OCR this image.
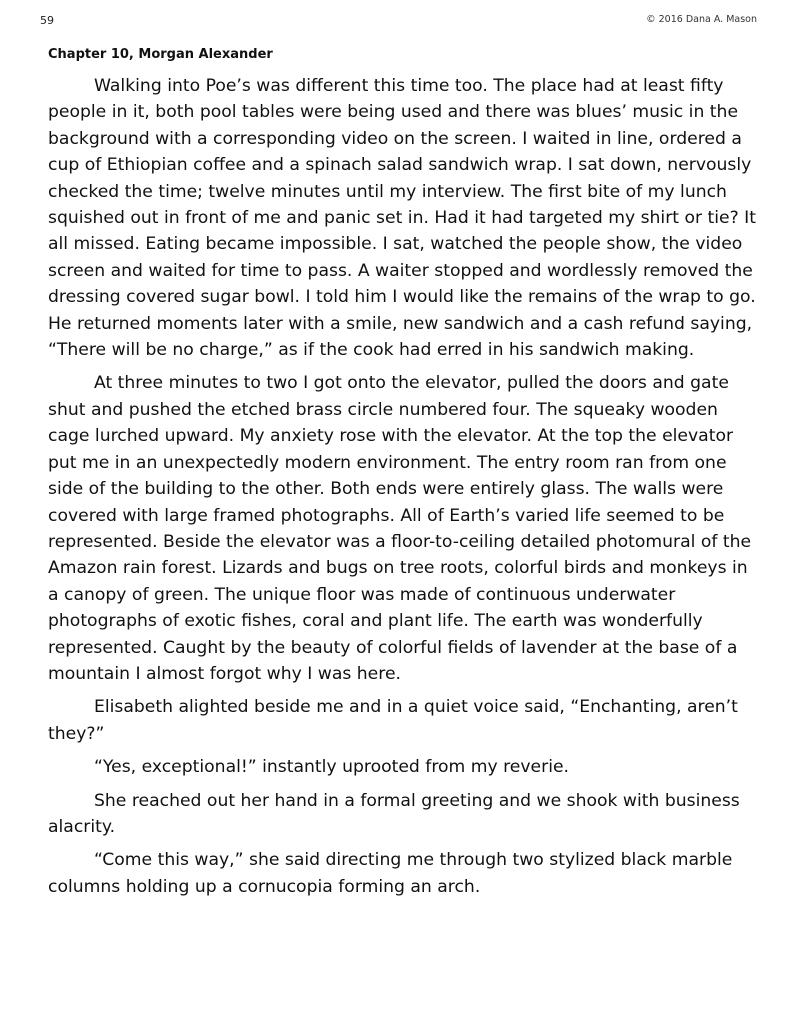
59	© 2016 Dana A. Mason
Chapter 10, Morgan Alexander

Walking into Poe’s was different this time too. The place had at least fifty people in it, both pool tables were being used and there was blues’ music in the background with a corresponding video on the screen. I waited in line, ordered a cup of Ethiopian coffee and a spinach salad sandwich wrap. I sat down, nervously checked the time; twelve minutes until my interview. The first bite of my lunch squished out in front of me and panic set in. Had it had targeted my shirt or tie? It all missed. Eating became impossible. I sat, watched the people show, the video screen and waited for time to pass. A waiter stopped and wordlessly removed the dressing covered sugar bowl. I told him I would like the remains of the wrap to go. He returned moments later with a smile, new sandwich and a cash refund saying, “There will be no charge,” as if the cook had erred in his sandwich making.

At three minutes to two I got onto the elevator, pulled the doors and gate shut and pushed the etched brass circle numbered four. The squeaky wooden cage lurched upward. My anxiety rose with the elevator. At the top the elevator put me in an unexpectedly modern environment. The entry room ran from one side of the building to the other. Both ends were entirely glass. The walls were covered with large framed photographs. All of Earth’s varied life seemed to be represented. Beside the elevator was a floor-to-ceiling detailed photomural of the Amazon rain forest. Lizards and bugs on tree roots, colorful birds and monkeys in a canopy of green. The unique floor was made of continuous underwater photographs of exotic fishes, coral and plant life. The earth was wonderfully represented. Caught by the beauty of colorful fields of lavender at the base of a mountain I almost forgot why I was here.

Elisabeth alighted beside me and in a quiet voice said, “Enchanting, aren’t they?”

“Yes, exceptional!” instantly uprooted from my reverie.

She reached out her hand in a formal greeting and we shook with business alacrity.

“Come this way,” she said directing me through two stylized black marble columns holding up a cornucopia forming an arch.
